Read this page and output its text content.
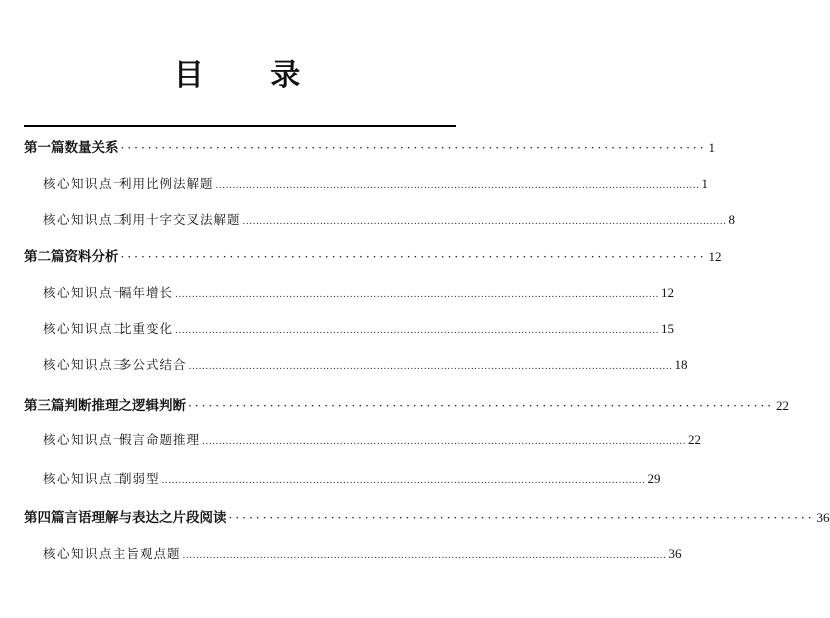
目 录
第一篇 数量关系 ······················································································ 1
核心知识点一
利用比例法解题 ................................................................................................................................................ 1
核心知识点二
利用十字交叉法解题 ................................................................................................................................................ 8
第二篇 资料分析 ······················································································ 12
核心知识点一
隔年增长 ................................................................................................................................................ 12
核心知识点二
比重变化 ................................................................................................................................................ 15
核心知识点三
多公式结合 ................................................................................................................................................ 18
第三篇 判断推理之逻辑判断 ······················································································ 22
核心知识点一
假言命题推理 ................................................................................................................................................ 22
核心知识点二
削弱型 ................................................................................................................................................ 29
第四篇 言语理解与表达之片段阅读 ······················································································ 36
核心知识点 主旨观点题 ................................................................................................................................................ 36
